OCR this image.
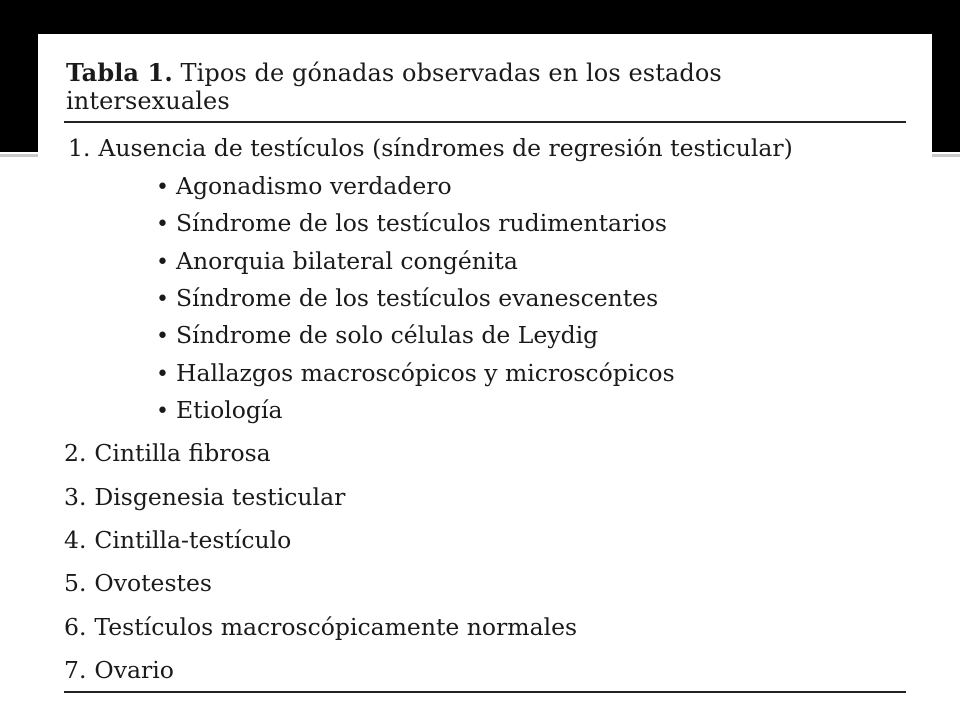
Tabla 1. Tipos de gónadas observadas en los estados intersexuales
1. Ausencia de testículos (síndromes de regresión testicular)
• Agonadismo verdadero
• Síndrome de los testículos rudimentarios
• Anorquia bilateral congénita
• Síndrome de los testículos evanescentes
• Síndrome de solo células de Leydig
• Hallazgos macroscópicos y microscópicos
• Etiología
2. Cintilla fibrosa
3. Disgenesia testicular
4. Cintilla-testículo
5. Ovotestes
6. Testículos macroscópicamente normales
7. Ovario
